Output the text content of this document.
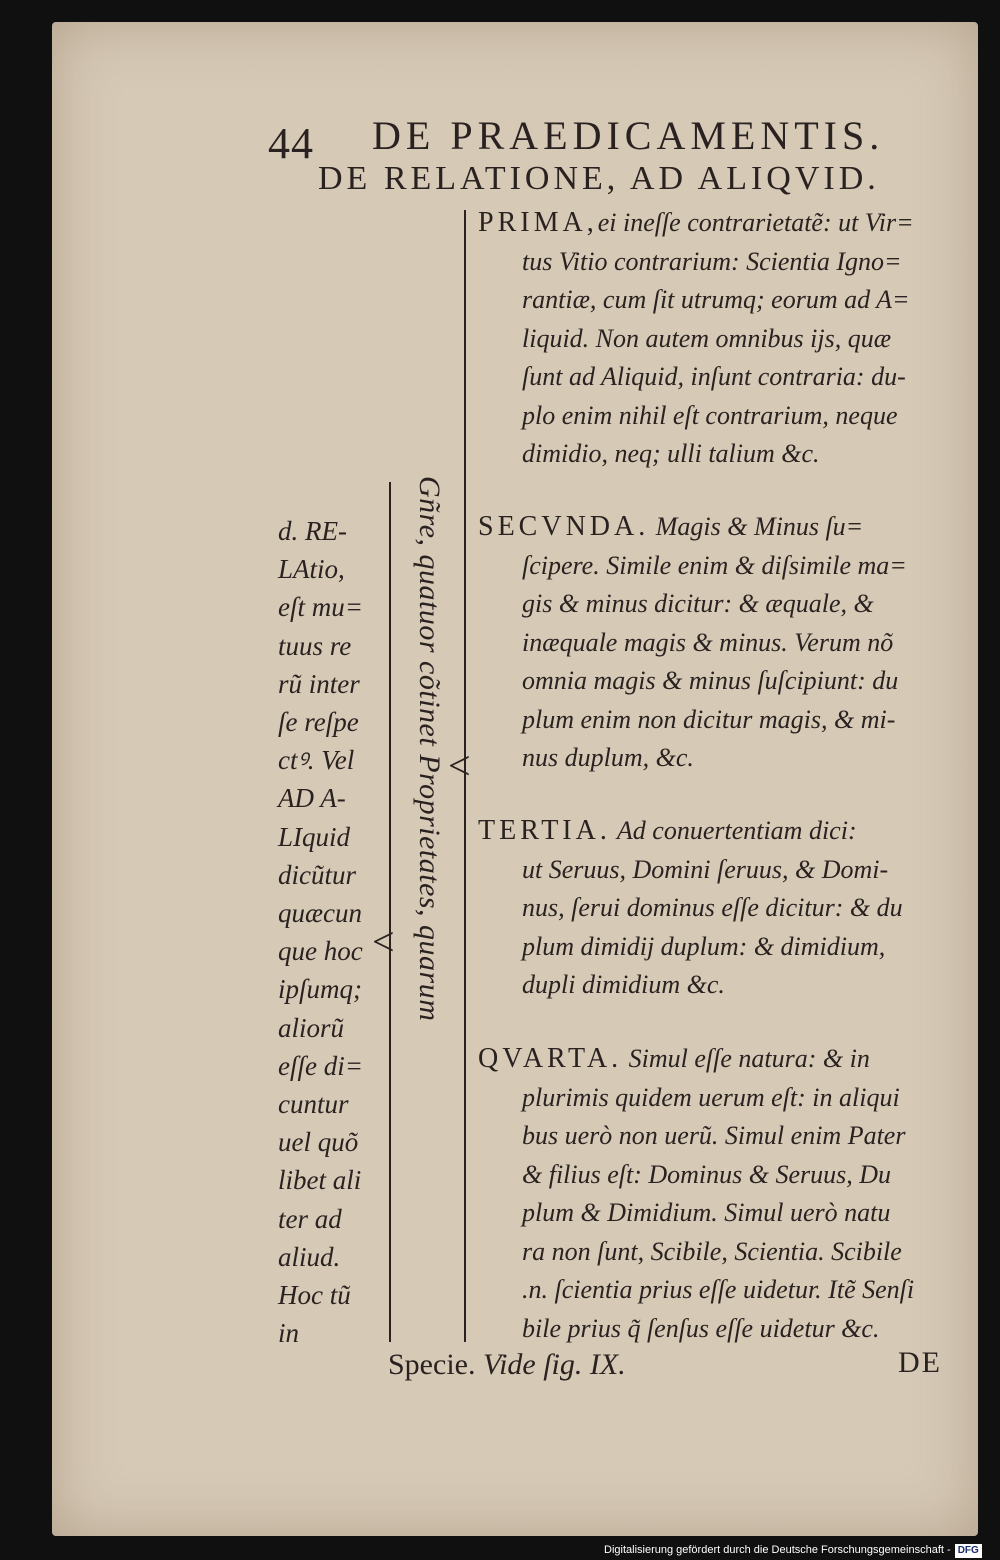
44 DE PRAEDICAMENTIS.
DE RELATIONE, AD ALIQVID.
d. RE-
LAtio,
eſt mu=
tuus re
rũ inter
ſe reſpe
ctꝰ. Vel
AD A-
LIquid
dicũtur
quæcun
que hoc
ipſumq;
aliorũ
eſſe di=
cuntur
uel quõ
libet ali
ter ad
aliud.
Hoc tũ
in
< Gñre, quatuor cõtinet Proprietates, quarum <
PRIMA,ei ineſſe contrarietatẽ: ut Vir=
tus Vitio contrarium: Scientia Igno=
rantiæ, cum ſit utrumq; eorum ad A=
liquid. Non autem omnibus ijs, quæ
ſunt ad Aliquid, inſunt contraria: du-
plo enim nihil eſt contrarium, neque
dimidio, neq; ulli talium &c.
SECVNDA. Magis & Minus ſu=
ſcipere. Simile enim & diſsimile ma=
gis & minus dicitur: & æquale, &
inæquale magis & minus. Verum nõ
omnia magis & minus ſuſcipiunt: du
plum enim non dicitur magis, & mi-
nus duplum, &c.
TERTIA. Ad conuertentiam dici:
ut Seruus, Domini ſeruus, & Domi-
nus, ſerui dominus eſſe dicitur: & du
plum dimidij duplum: & dimidium,
dupli dimidium &c.
QVARTA. Simul eſſe natura: & in
plurimis quidem uerum eſt: in aliqui
bus uerò non uerũ. Simul enim Pater
& filius eſt: Dominus & Seruus, Du
plum & Dimidium. Simul uerò natu
ra non ſunt, Scibile, Scientia. Scibile
.n. ſcientia prius eſſe uidetur. Itẽ Senſi
bile prius q̃ ſenſus eſſe uidetur &c.
Specie. Vide ſig. IX.	DE
Digitalisierung gefördert durch die Deutsche Forschungsgemeinschaft - DFG
